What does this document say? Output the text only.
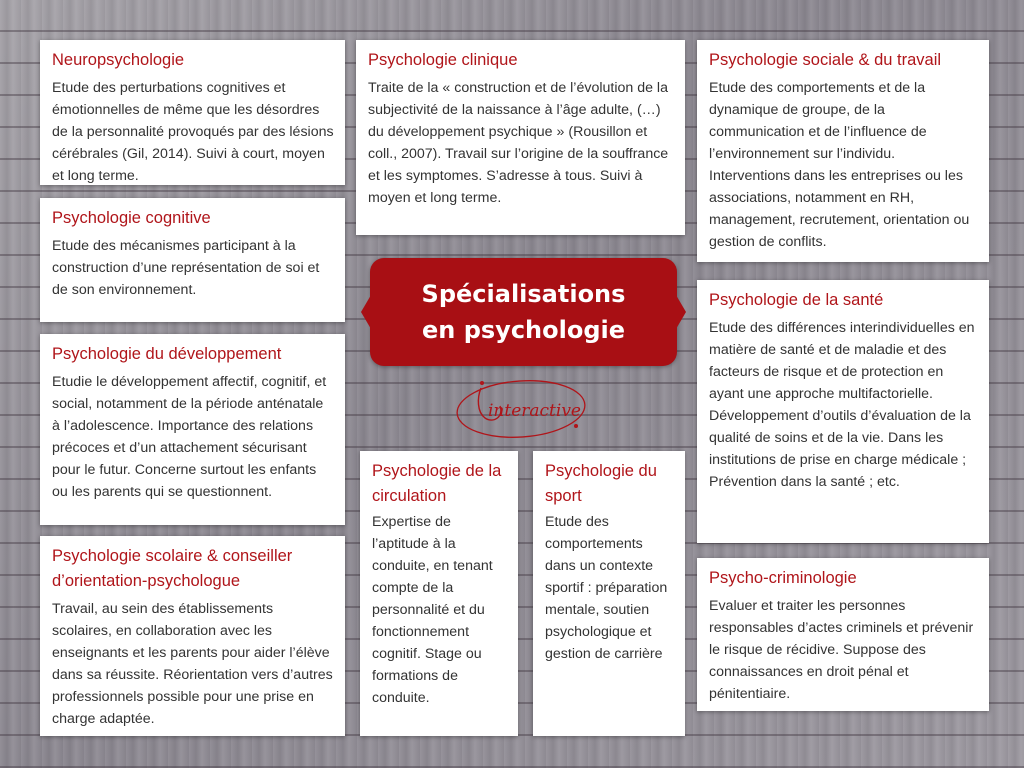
Neuropsychologie

Etude des perturbations cognitives et émotionnelles de même que les désordres de la personnalité provoqués par des lésions cérébrales (Gil, 2014). Suivi à court, moyen et long terme.

Psychologie cognitive

Etude des mécanismes participant à la construction d’une représentation de soi et de son environnement.

Psychologie du développement

Etudie le développement affectif, cognitif, et social, notamment de la période anténatale à l’adolescence. Importance des relations précoces et d’un attachement sécurisant pour le futur. Concerne surtout les enfants ou les parents qui se questionnent.

Psychologie scolaire & conseiller d’orientation-psychologue

Travail, au sein des établissements scolaires, en collaboration avec les enseignants et les parents pour aider l’élève dans sa réussite. Réorientation vers d’autres professionnels possible pour une prise en charge adaptée.

Psychologie clinique

Traite de la « construction et de l’évolution de la subjectivité de la naissance à l’âge adulte, (…) du développement psychique » (Rousillon et coll., 2007). Travail sur l’origine de la souffrance et les symptomes. S’adresse à tous. Suivi à moyen et long terme.

Psychologie sociale & du travail

Etude des comportements et de la dynamique de groupe, de la communication et de l’influence de l’environnement sur l’individu. Interventions dans les entreprises ou les associations, notamment en RH, management, recrutement, orientation ou gestion de conflits.

Psychologie de la santé

Etude des différences interindividuelles en matière de santé et de maladie et des facteurs de risque et de protection en ayant une approche multifactorielle. Développement d’outils d’évaluation de la qualité de soins et de la vie. Dans les institutions de prise en charge médicale ; Prévention dans la santé ; etc.

Psycho-criminologie

Evaluer et traiter les personnes responsables d’actes criminels et prévenir le risque de récidive. Suppose des connaissances en droit pénal et pénitentiaire.

Psychologie de la circulation

Expertise de l’aptitude à la conduite, en tenant compte de la personnalité et du fonctionnement cognitif. Stage ou formations de conduite.

Psychologie du sport

Etude des comportements dans un contexte sportif : préparation mentale, soutien psychologique et gestion de carrière

Spécialisations
en psychologie
interactive
